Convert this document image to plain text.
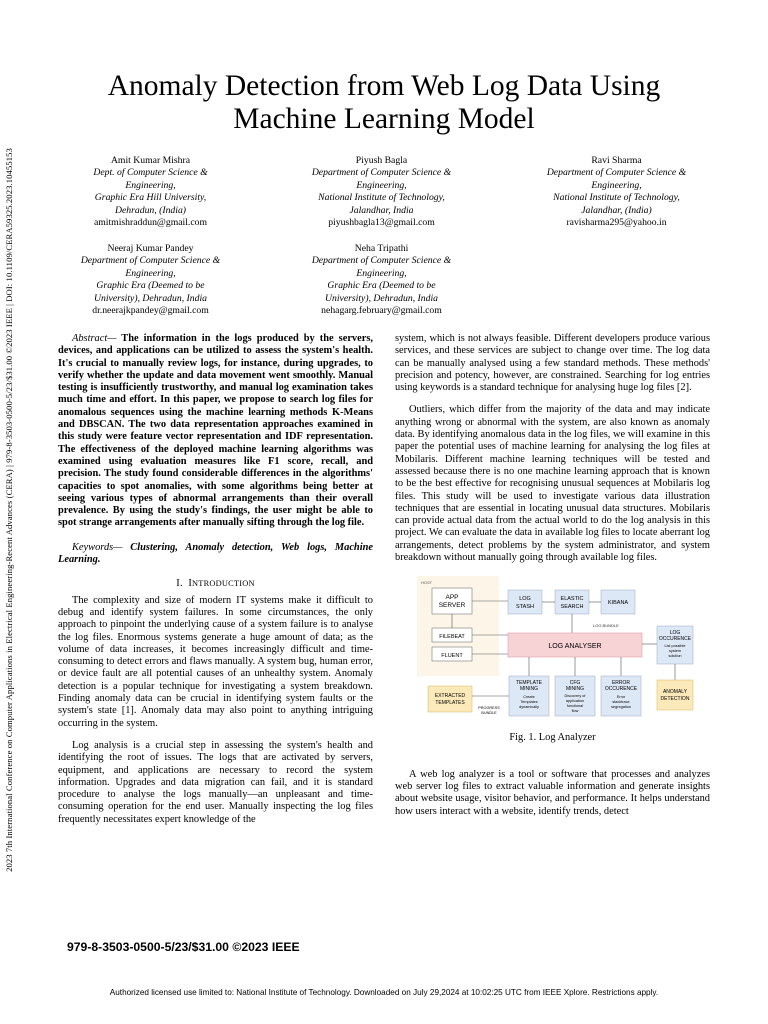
2023 7th International Conference on Computer Applications in Electrical Engineering-Recent Advances (CERA) | 979-8-3503-0500-5/23/$31.00 ©2023 IEEE | DOI: 10.1109/CERA59325.2023.10455153
Anomaly Detection from Web Log Data Using Machine Learning Model
Amit Kumar Mishra
Dept. of Computer Science &
Engineering,
Graphic Era Hill University,
Dehradun, (India)
amitmishraddun@gmail.com
Piyush Bagla
Department of Computer Science &
Engineering,
National Institute of Technology,
Jalandhar, India
piyushbagla13@gmail.com
Ravi Sharma
Department of Computer Science &
Engineering,
National Institute of Technology,
Jalandhar, (India)
ravisharma295@yahoo.in
Neeraj Kumar Pandey
Department of Computer Science &
Engineering,
Graphic Era (Deemed to be
University), Dehradun, India
dr.neerajkpandey@gmail.com
Neha Tripathi
Department of Computer Science &
Engineering,
Graphic Era (Deemed to be
University), Dehradun, India
nehagarg.february@gmail.com

Abstract— The information in the logs produced by the servers, devices, and applications can be utilized to assess the system's health. It's crucial to manually review logs, for instance, during upgrades, to verify whether the update and data movement went smoothly. Manual testing is insufficiently trustworthy, and manual log examination takes much time and effort. In this paper, we propose to search log files for anomalous sequences using the machine learning methods K-Means and DBSCAN. The two data representation approaches examined in this study were feature vector representation and IDF representation. The effectiveness of the deployed machine learning algorithms was examined using evaluation measures like F1 score, recall, and precision. The study found considerable differences in the algorithms' capacities to spot anomalies, with some algorithms being better at seeing various types of abnormal arrangements than their overall prevalence. By using the study's findings, the user might be able to spot strange arrangements after manually sifting through the log file.

Keywords— Clustering, Anomaly detection, Web logs, Machine Learning.

I. INTRODUCTION

The complexity and size of modern IT systems make it difficult to debug and identify system failures. In some circumstances, the only approach to pinpoint the underlying cause of a system failure is to analyse the log files. Enormous systems generate a huge amount of data; as the volume of data increases, it becomes increasingly difficult and time-consuming to detect errors and flaws manually. A system bug, human error, or device fault are all potential causes of an unhealthy system. Anomaly detection is a popular technique for investigating a system breakdown. Finding anomaly data can be crucial in identifying system faults or the system's state [1]. Anomaly data may also point to anything intriguing occurring in the system.

Log analysis is a crucial step in assessing the system's health and identifying the root of issues. The logs that are activated by servers, equipment, and applications are necessary to record the system information. Upgrades and data migration can fail, and it is standard procedure to analyse the logs manually—an unpleasant and time-consuming operation for the end user. Manually inspecting the log files frequently necessitates expert knowledge of the

system, which is not always feasible. Different developers produce various services, and these services are subject to change over time. The log data can be manually analysed using a few standard methods. These methods' precision and potency, however, are constrained. Searching for log entries using keywords is a standard technique for analysing huge log files [2].

Outliers, which differ from the majority of the data and may indicate anything wrong or abnormal with the system, are also known as anomaly data. By identifying anomalous data in the log files, we will examine in this paper the potential uses of machine learning for analysing the log files at Mobilaris. Different machine learning techniques will be tested and assessed because there is no one machine learning approach that is known to be the best effective for recognising unusual sequences at Mobilaris log files. This study will be used to investigate various data illustration techniques that are essential in locating unusual data structures. Mobilaris can provide actual data from the actual world to do the log analysis in this project. We can evaluate the data in available log files to locate aberrant log arrangements, detect problems by the system administrator, and system breakdown without manually going through available log files.

HOST
APP
SERVER
FILEBEAT
FLUENT
LOG
STASH
ELASTIC
SEARCH
KIBANA
LOG BUNDLE
LOG ANALYSER
LOG
OCCURENCE
List possible
system
solution
ANOMALY
DETECTION
TEMPLATE
MINING
Create
Templates
dynamically
CFG
MINING
Discovery of
application
functional
flow
ERROR
OCCURENCE
Error
stacktrace
segregation
EXTRACTED
TEMPLATES
PROGRESS
BUNDLE
Fig. 1. Log Analyzer

A web log analyzer is a tool or software that processes and analyzes web server log files to extract valuable information and generate insights about website usage, visitor behavior, and performance. It helps understand how users interact with a website, identify trends, detect

979-8-3503-0500-5/23/$31.00 ©2023 IEEE
Authorized licensed use limited to: National Institute of Technology. Downloaded on July 29,2024 at 10:02:25 UTC from IEEE Xplore. Restrictions apply.
